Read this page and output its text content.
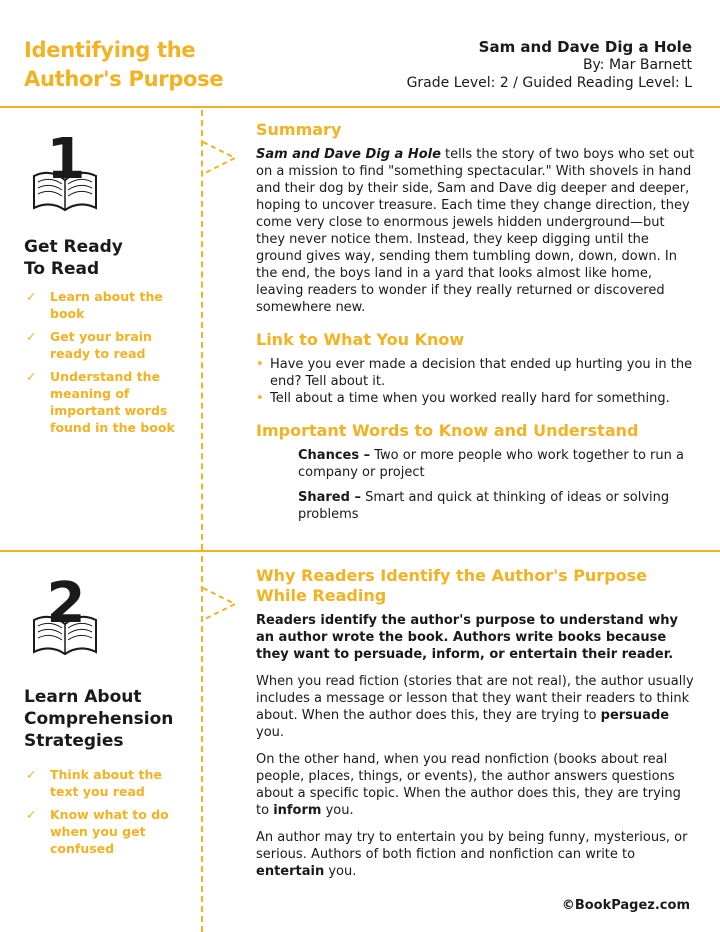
Identifying the
Author's Purpose
Sam and Dave Dig a Hole
By: Mar Barnett
Grade Level: 2 / Guided Reading Level: L
1
Get Ready
To Read
✓ Learn about the book
✓ Get your brain ready to read
✓ Understand the meaning of important words found in the book
Summary

Sam and Dave Dig a Hole tells the story of two boys who set out on a mission to find "something spectacular." With shovels in hand and their dog by their side, Sam and Dave dig deeper and deeper, hoping to uncover treasure. Each time they change direction, they come very close to enormous jewels hidden underground—but they never notice them. Instead, they keep digging until the ground gives way, sending them tumbling down, down, down. In the end, the boys land in a yard that looks almost like home, leaving readers to wonder if they really returned or discovered somewhere new.

Link to What You Know
• Have you ever made a decision that ended up hurting you in the end? Tell about it.
• Tell about a time when you worked really hard for something.
Important Words to Know and Understand

Chances – Two or more people who work together to run a company or project

Shared – Smart and quick at thinking of ideas or solving problems

2
Learn About
Comprehension
Strategies
✓ Think about the text you read
✓ Know what to do when you get confused
Why Readers Identify the Author's Purpose While Reading

Readers identify the author's purpose to understand why an author wrote the book. Authors write books because they want to persuade, inform, or entertain their reader.

When you read fiction (stories that are not real), the author usually includes a message or lesson that they want their readers to think about. When the author does this, they are trying to persuade you.

On the other hand, when you read nonfiction (books about real people, places, things, or events), the author answers questions about a specific topic. When the author does this, they are trying to inform you.

An author may try to entertain you by being funny, mysterious, or serious. Authors of both fiction and nonfiction can write to entertain you.

©BookPagez.com
